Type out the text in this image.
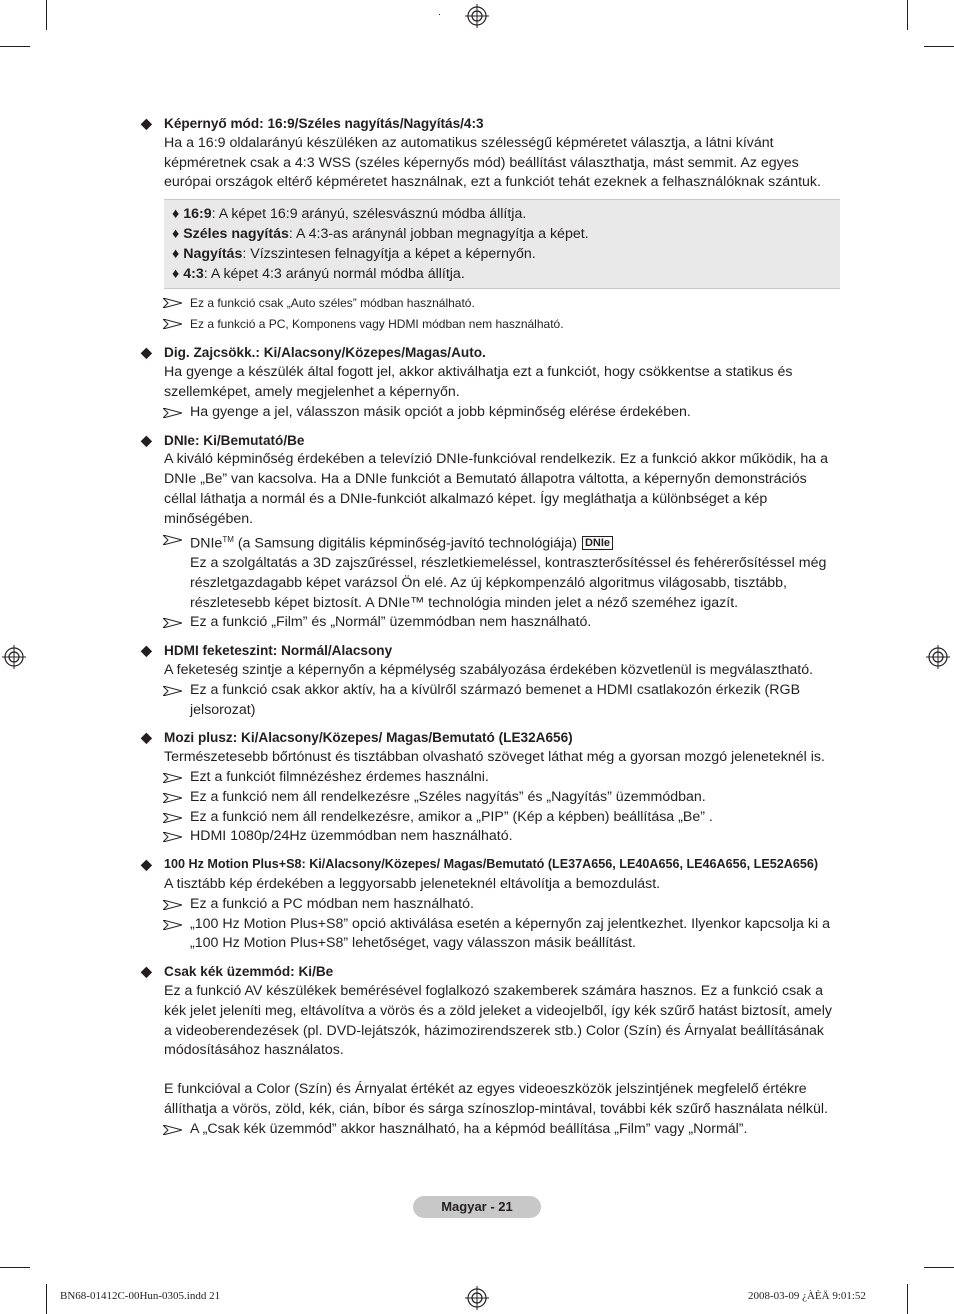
◆ Képernyő mód: 16:9/Széles nagyítás/Nagyítás/4:3
Ha a 16:9 oldalarányú készüléken az automatikus szélességű képméretet választja, a látni kívánt képméretnek csak a 4:3 WSS (széles képernyős mód) beállítást választhatja, mást semmit. Az egyes európai országok eltérő képméretet használnak, ezt a funkciót tehát ezeknek a felhasználóknak szántuk.
♦ 16:9: A képet 16:9 arányú, szélesvásznú módba állítja.
♦ Széles nagyítás: A 4:3-as aránynál jobban megnagyítja a képet.
♦ Nagyítás: Vízszintesen felnagyítja a képet a képernyőn.
♦ 4:3: A képet 4:3 arányú normál módba állítja.
Ez a funkció csak „Auto széles” módban használható.
Ez a funkció a PC, Komponens vagy HDMI módban nem használható.
◆ Dig. Zajcsökk.: Ki/Alacsony/Közepes/Magas/Auto.
Ha gyenge a készülék által fogott jel, akkor aktiválhatja ezt a funkciót, hogy csökkentse a statikus és szellemképet, amely megjelenhet a képernyőn.
Ha gyenge a jel, válasszon másik opciót a jobb képminőség elérése érdekében.
◆ DNIe: Ki/Bemutató/Be
A kiváló képminőség érdekében a televízió DNIe-funkcióval rendelkezik. Ez a funkció akkor működik, ha a DNIe „Be” van kacsolva. Ha a DNIe funkciót a Bemutató állapotra váltotta, a képernyőn demonstrációs céllal láthatja a normál és a DNIe-funkciót alkalmazó képet. Így megláthatja a különbséget a kép minőségében.
DNIe™ (a Samsung digitális képminőség-javító technológiája) DNIe
Ez a szolgáltatás a 3D zajszűréssel, részletkiemeléssel, kontraszterősítéssel és fehérerősítéssel még részletgazdagabb képet varázsol Ön elé. Az új képkompenzáló algoritmus világosabb, tisztább, részletesebb képet biztosít. A DNIe™ technológia minden jelet a néző szeméhez igazít.
Ez a funkció „Film” és „Normál” üzemmódban nem használható.
◆ HDMI feketeszint: Normál/Alacsony
A feketeség szintje a képernyőn a képmélység szabályozása érdekében közvetlenül is megválasztható.
Ez a funkció csak akkor aktív, ha a kívülről származó bemenet a HDMI csatlakozón érkezik (RGB jelsorozat)
◆ Mozi plusz: Ki/Alacsony/Közepes/ Magas/Bemutató (LE32A656)
Természetesebb bőrtónust és tisztábban olvasható szöveget láthat még a gyorsan mozgó jeleneteknél is.
Ezt a funkciót filmnézéshez érdemes használni.
Ez a funkció nem áll rendelkezésre „Széles nagyítás” és „Nagyítás” üzemmódban.
Ez a funkció nem áll rendelkezésre, amikor a „PIP” (Kép a képben) beállítása „Be” .
HDMI 1080p/24Hz üzemmódban nem használható.
◆ 100 Hz Motion Plus+S8: Ki/Alacsony/Közepes/ Magas/Bemutató (LE37A656, LE40A656, LE46A656, LE52A656)
A tisztább kép érdekében a leggyorsabb jeleneteknél eltávolítja a bemozdulást.
Ez a funkció a PC módban nem használható.
„100 Hz Motion Plus+S8” opció aktiválása esetén a képernyőn zaj jelentkezhet. Ilyenkor kapcsolja ki a „100 Hz Motion Plus+S8” lehetőséget, vagy válasszon másik beállítást.
◆ Csak kék üzemmód: Ki/Be
Ez a funkció AV készülékek bemérésével foglalkozó szakemberek számára hasznos. Ez a funkció csak a kék jelet jeleníti meg, eltávolítva a vörös és a zöld jeleket a videojelből, így kék szűrő hatást biztosít, amely a videoberendezések (pl. DVD-lejátszók, házimozirendszerek stb.) Color (Szín) és Árnyalat beállításának módosításához használatos.
E funkcióval a Color (Szín) és Árnyalat értékét az egyes videoeszközök jelszintjének megfelelő értékre állíthatja a vörös, zöld, kék, cián, bíbor és sárga színoszlop-mintával, további kék szűrő használata nélkül.
A „Csak kék üzemmód” akkor használható, ha a képmód beállítása „Film” vagy „Normál”.
Magyar - 21
BN68-01412C-00Hun-0305.indd 21	2008-03-09 ¿ÀÈÄ 9:01:52
